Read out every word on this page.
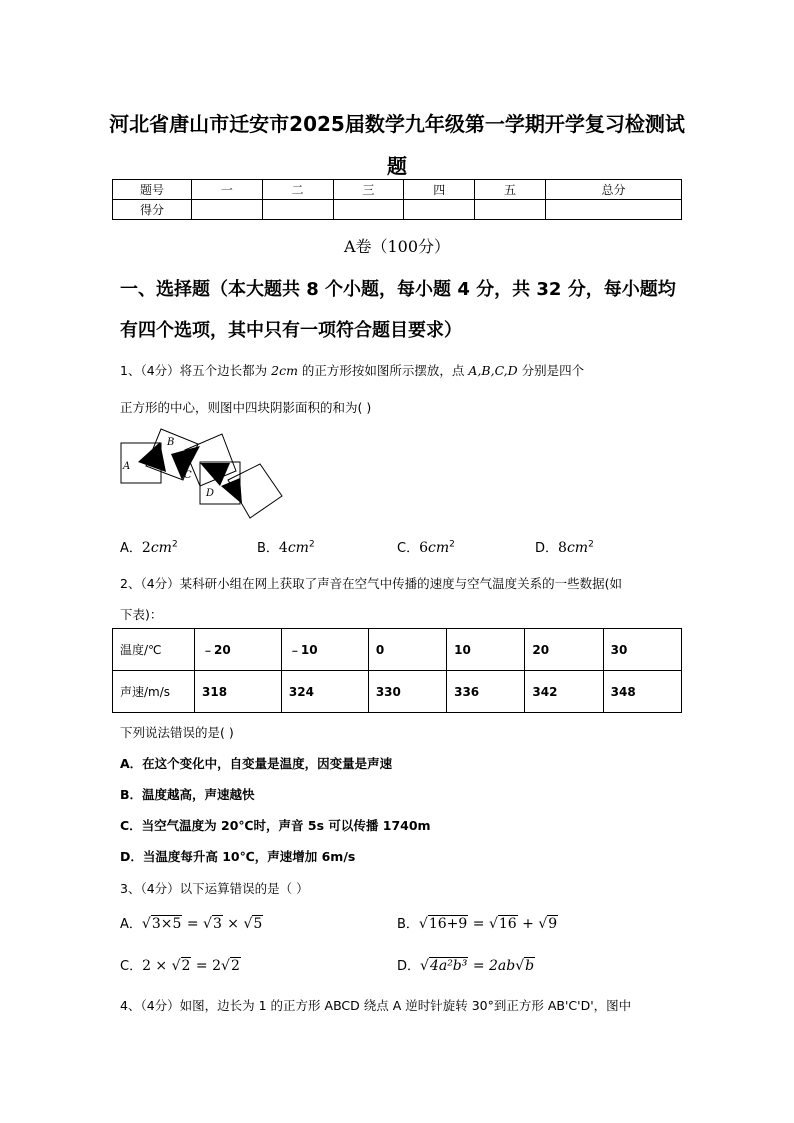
河北省唐山市迁安市2025届数学九年级第一学期开学复习检测试
题
题号	一	二	三	四	五	总分
得分						
A卷（100分）
一、选择题（本大题共 8 个小题，每小题 4 分，共 32 分，每小题均
有四个选项，其中只有一项符合题目要求）
1、（4分）将五个边长都为 2cm 的正方形按如图所示摆放，点 A,B,C,D 分别是四个
正方形的中心，则图中四块阴影面积的和为( )
A
B
C
D
A．$2cm^2$	B．$4cm^2$	C．$6cm^2$	D．$8cm^2$
2、（4分）某科研小组在网上获取了声音在空气中传播的速度与空气温度关系的一些数据(如
下表)：
温度/℃	﹣20	﹣10	0	10	20	30
声速/m/s	318	324	330	336	342	348
下列说法错误的是( )
A．在这个变化中，自变量是温度，因变量是声速
B．温度越高，声速越快
C．当空气温度为 20℃时，声音 5s 可以传播 1740m
D．当温度每升高 10℃，声速增加 6m/s
3、（4分）以下运算错误的是（ ）
A．√3×5 = √3 × √5	B．√16+9 = √16 + √9
C．2 × √2 = 2√2	D．√4a²b³ = 2ab√b
4、（4分）如图，边长为 1 的正方形 ABCD 绕点 A 逆时针旋转 30°到正方形 AB'C'D'，图中
